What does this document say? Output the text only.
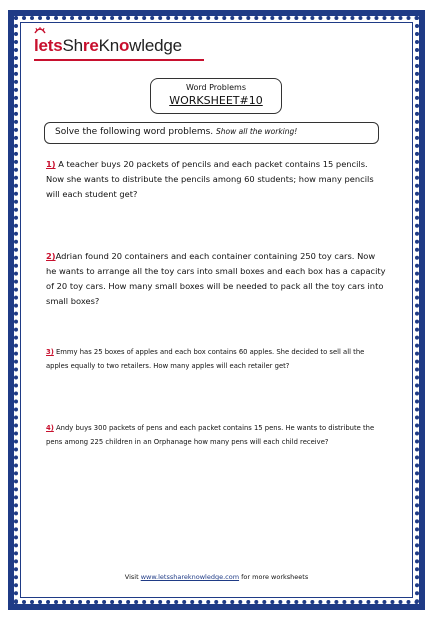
letsShreKnowledge
Word Problems
WORKSHEET#10
Solve the following word problems. Show all the working!
1) A teacher buys 20 packets of pencils and each packet contains 15 pencils. Now she wants to distribute the pencils among 60 students; how many pencils will each student get?
2)Adrian found 20 containers and each container containing 250 toy cars. Now he wants to arrange all the toy cars into small boxes and each box has a capacity of 20 toy cars. How many small boxes will be needed to pack all the toy cars into small boxes?
3) Emmy has 25 boxes of apples and each box contains 60 apples. She decided to sell all the apples equally to two retailers. How many apples will each retailer get?
4) Andy buys 300 packets of pens and each packet contains 15 pens. He wants to distribute the pens among 225 children in an Orphanage how many pens will each child receive?
Visit www.letsshareknowledge.com for more worksheets
